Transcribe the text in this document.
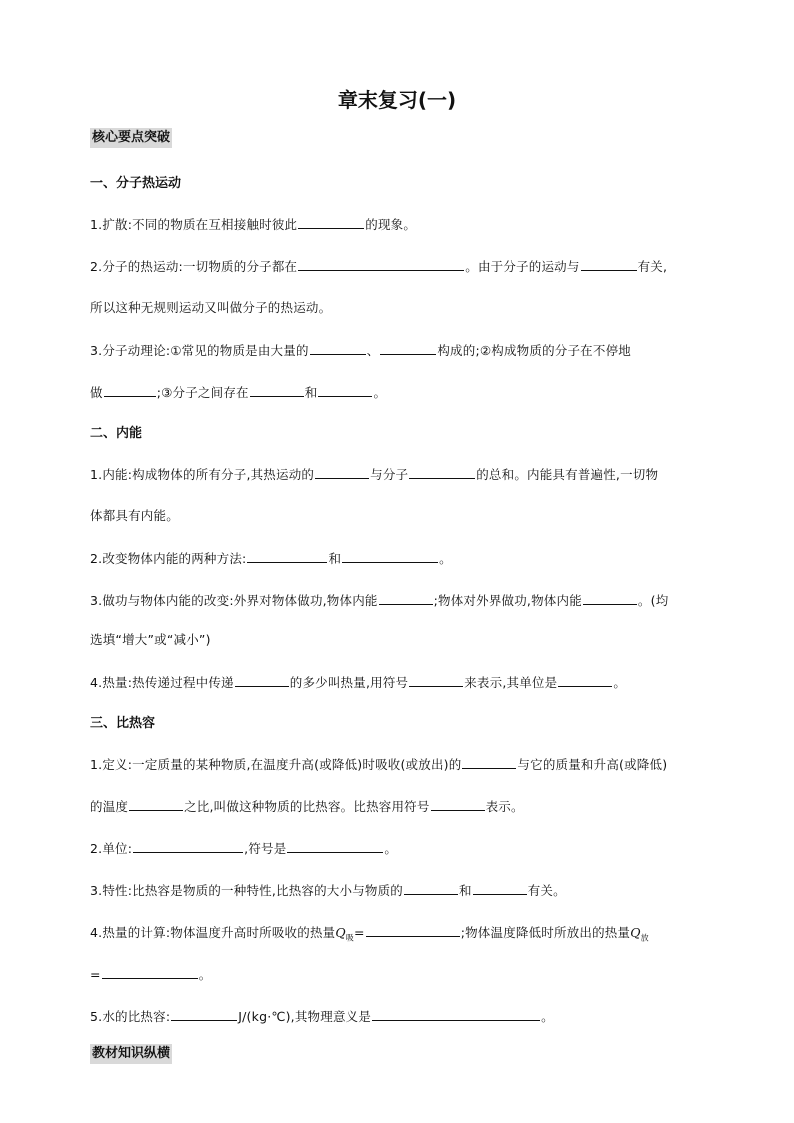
章末复习(一)
核心要点突破
一、分子热运动
1.扩散:不同的物质在互相接触时彼此	的现象。
2.分子的热运动:一切物质的分子都在	。由于分子的运动与	有关,
所以这种无规则运动又叫做分子的热运动。
3.分子动理论:①常见的物质是由大量的	、	构成的;②构成物质的分子在不停地
做	;③分子之间存在	和	。
二、内能
1.内能:构成物体的所有分子,其热运动的	与分子	的总和。内能具有普遍性,一切物
体都具有内能。
2.改变物体内能的两种方法:	和	。
3.做功与物体内能的改变:外界对物体做功,物体内能	;物体对外界做功,物体内能	。(均
选填“增大”或“减小”)
4.热量:热传递过程中传递	的多少叫热量,用符号	来表示,其单位是	。
三、比热容
1.定义:一定质量的某种物质,在温度升高(或降低)时吸收(或放出)的	与它的质量和升高(或降低)
的温度	之比,叫做这种物质的比热容。比热容用符号	表示。
2.单位:	,符号是	。
3.特性:比热容是物质的一种特性,比热容的大小与物质的	和	有关。
4.热量的计算:物体温度升高时所吸收的热量$Q_吸=$	;物体温度降低时所放出的热量$Q_放$
=	。
5.水的比热容:	J/(kg·℃),其物理意义是	。
教材知识纵横
